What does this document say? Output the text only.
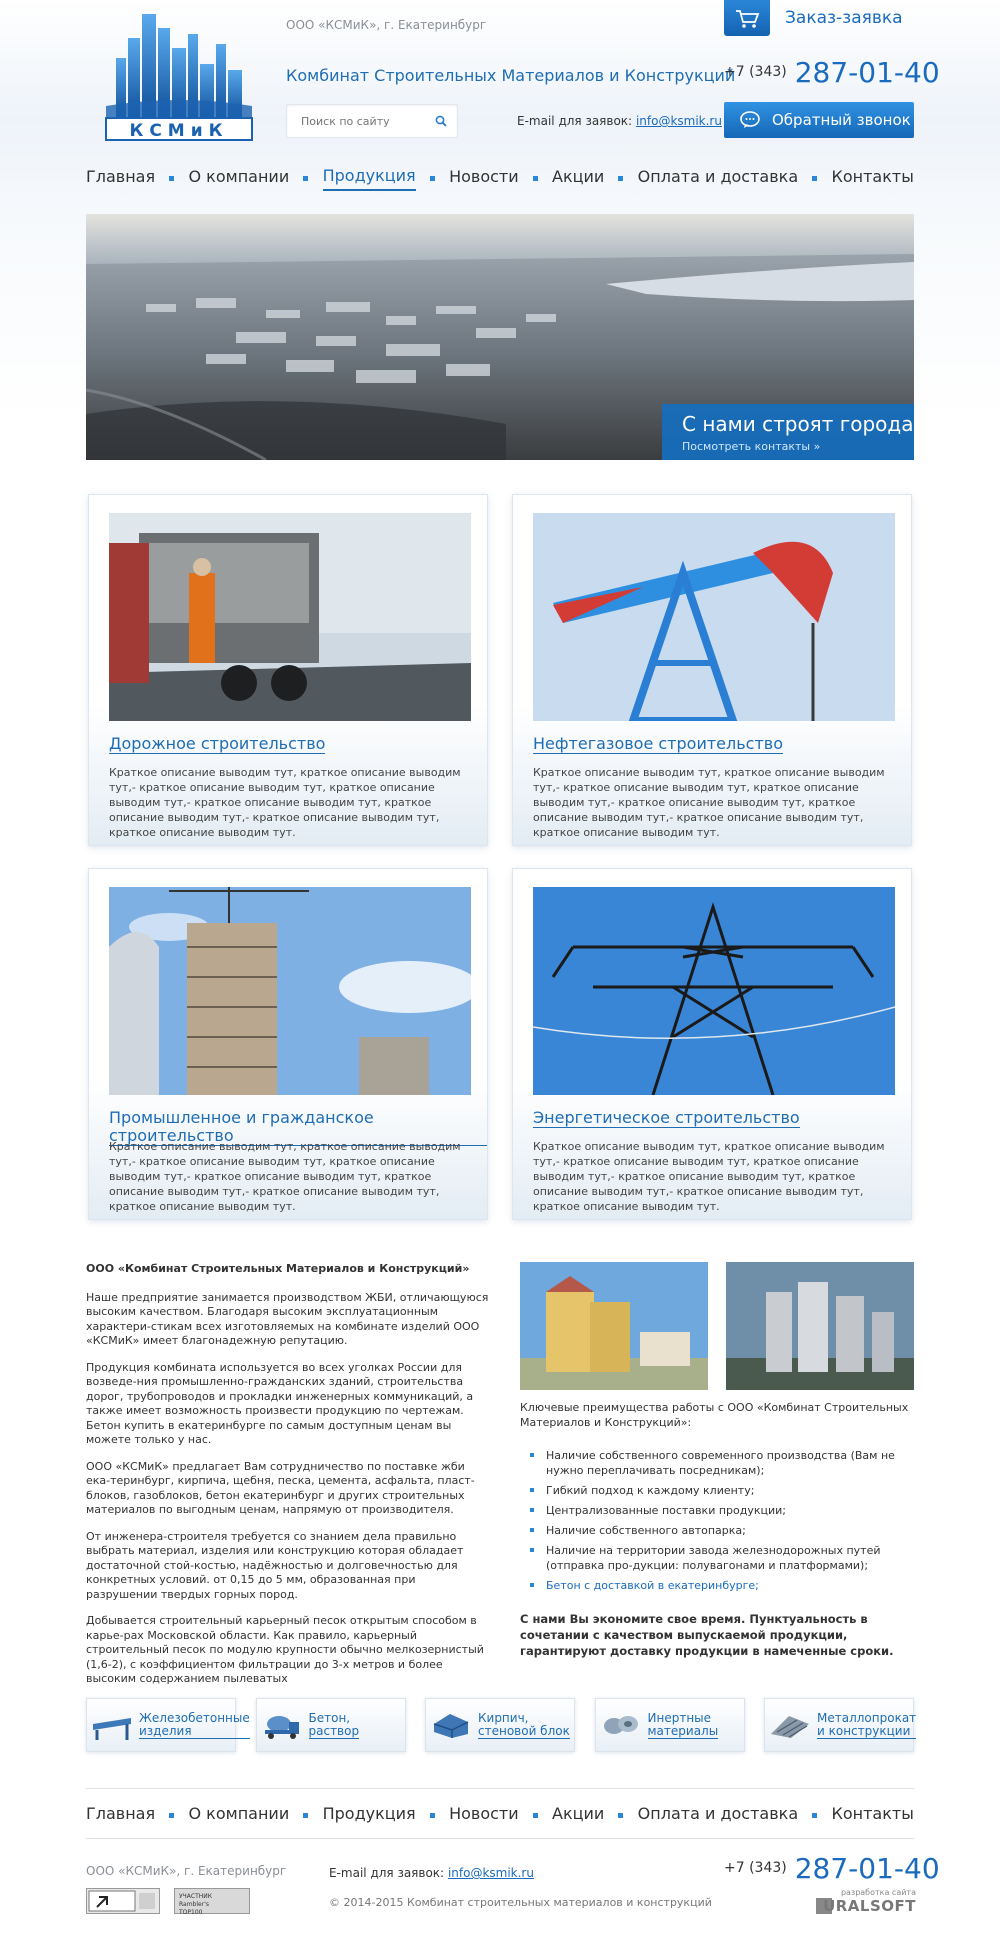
КСМиК
ООО «КСМиК», г. Екатеринбург
Комбинат Строительных Материалов и Конструкций
Поиск по сайту
E-mail для заявок: info@ksmik.ru
Заказ-заявка
+7 (343) 287-01-40
Обратный звонок
Главная О компании Продукция Новости Акции Оплата и доставка Контакты
С нами строят города
Посмотреть контакты »
Дорожное строительство
Краткое описание выводим тут, краткое описание выводим тут,- краткое описание выводим тут, краткое описание выводим тут,- краткое описание выводим тут, краткое описание выводим тут,- краткое описание выводим тут, краткое описание выводим тут.
Нефтегазовое строительство
Краткое описание выводим тут, краткое описание выводим тут,- краткое описание выводим тут, краткое описание выводим тут,- краткое описание выводим тут, краткое описание выводим тут,- краткое описание выводим тут, краткое описание выводим тут.
Промышленное и гражданское строительство
Краткое описание выводим тут, краткое описание выводим тут,- краткое описание выводим тут, краткое описание выводим тут,- краткое описание выводим тут, краткое описание выводим тут,- краткое описание выводим тут, краткое описание выводим тут.
Энергетическое строительство
Краткое описание выводим тут, краткое описание выводим тут,- краткое описание выводим тут, краткое описание выводим тут,- краткое описание выводим тут, краткое описание выводим тут,- краткое описание выводим тут, краткое описание выводим тут.
ООО «Комбинат Строительных Материалов и Конструкций»

Наше предприятие занимается производством ЖБИ, отличающуюся высоким качеством. Благодаря высоким эксплуатационным характери-стикам всех изготовляемых на комбинате изделий ООО «КСМиК» имеет благонадежную репутацию.

Продукция комбината используется во всех уголках России для возведе-ния промышленно-гражданских зданий, строительства дорог, трубопроводов и прокладки инженерных коммуникаций, а также имеет возможность произвести продукцию по чертежам. Бетон купить в екатеринбурге по самым доступным ценам вы можете только у нас.

ООО «КСМиК» предлагает Вам сотрудничество по поставке жби ека-теринбург, кирпича, щебня, песка, цемента, асфальта, пласт-блоков, газоблоков, бетон екатеринбург и других строительных материалов по выгодным ценам, напрямую от производителя.

От инженера-строителя требуется со знанием дела правильно выбрать материал, изделия или конструкцию которая обладает достаточной стой-костью, надёжностью и долговечностью для конкретных условий. от 0,15 до 5 мм, образованная при разрушении твердых горных пород.

Добывается строительный карьерный песок открытым способом в карье-рах Московской области. Как правило, карьерный строительный песок по модулю крупности обычно мелкозернистый (1,6-2), с коэффициентом фильтрации до 3-х метров и более высоким содержанием пылеватых

Ключевые преимущества работы с ООО «Комбинат Строительных Материалов и Конструкций»:
Наличие собственного современного производства (Вам не нужно переплачивать посредникам);
Гибкий подход к каждому клиенту;
Централизованные поставки продукции;
Наличие собственного автопарка;
Наличие на территории завода железнодорожных путей (отправка про-дукции: полувагонами и платформами);
Бетон с доставкой в екатеринбурге;
С нами Вы экономите свое время. Пунктуальность в сочетании с качеством выпускаемой продукции, гарантируют доставку продукции в намеченные сроки.
Железобетонные
изделия
Бетон,
раствор
Кирпич,
стеновой блок
Инертные
материалы
Металлопрокат
и конструкции
Главная О компании Продукция Новости Акции Оплата и доставка Контакты
ООО «КСМиК», г. Екатеринбург	E-mail для заявок: info@ksmik.ru
© 2014-2015 Комбинат строительных материалов и конструкций
+7 (343) 287-01-40
УЧАСТНИК Rambler's TOP100
разработка сайта
URALSOFT
